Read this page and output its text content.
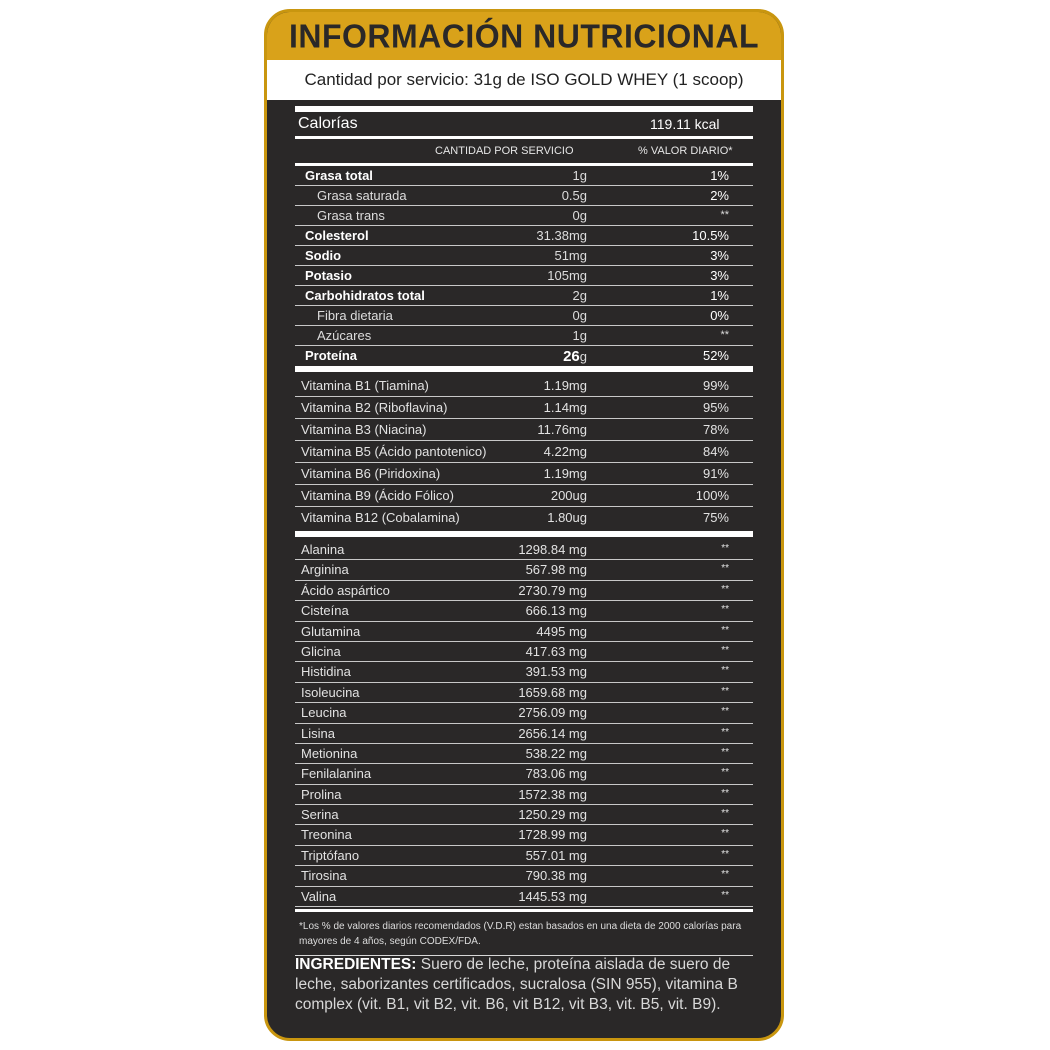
INFORMACIÓN NUTRICIONAL
Cantidad por servicio: 31g de ISO GOLD WHEY (1 scoop)
Calorías	119.11 kcal
CANTIDAD POR SERVICIO	% VALOR DIARIO*
Grasa total	1g	1%
Grasa saturada	0.5g	2%
Grasa trans	0g	**
Colesterol	31.38mg	10.5%
Sodio	51mg	3%
Potasio	105mg	3%
Carbohidratos total	2g	1%
Fibra dietaria	0g	0%
Azúcares	1g	**
Proteína	26g	52%
Vitamina B1 (Tiamina)	1.19mg	99%
Vitamina B2 (Riboflavina)	1.14mg	95%
Vitamina B3 (Niacina)	11.76mg	78%
Vitamina B5 (Ácido pantotenico)	4.22mg	84%
Vitamina B6 (Piridoxina)	1.19mg	91%
Vitamina B9 (Ácido Fólico)	200ug	100%
Vitamina B12 (Cobalamina)	1.80ug	75%
Alanina	1298.84 mg	**
Arginina	567.98 mg	**
Ácido aspártico	2730.79 mg	**
Cisteína	666.13 mg	**
Glutamina	4495 mg	**
Glicina	417.63 mg	**
Histidina	391.53 mg	**
Isoleucina	1659.68 mg	**
Leucina	2756.09 mg	**
Lisina	2656.14 mg	**
Metionina	538.22 mg	**
Fenilalanina	783.06 mg	**
Prolina	1572.38 mg	**
Serina	1250.29 mg	**
Treonina	1728.99 mg	**
Triptófano	557.01 mg	**
Tirosina	790.38 mg	**
Valina	1445.53 mg	**
*Los % de valores diarios recomendados (V.D.R) estan basados en una dieta de 2000 calorías para mayores de 4 años, según CODEX/FDA.
INGREDIENTES: Suero de leche, proteína aislada de suero de leche, saborizantes certificados, sucralosa (SIN 955), vitamina B complex (vit. B1, vit B2, vit. B6, vit B12, vit B3, vit. B5, vit. B9).
